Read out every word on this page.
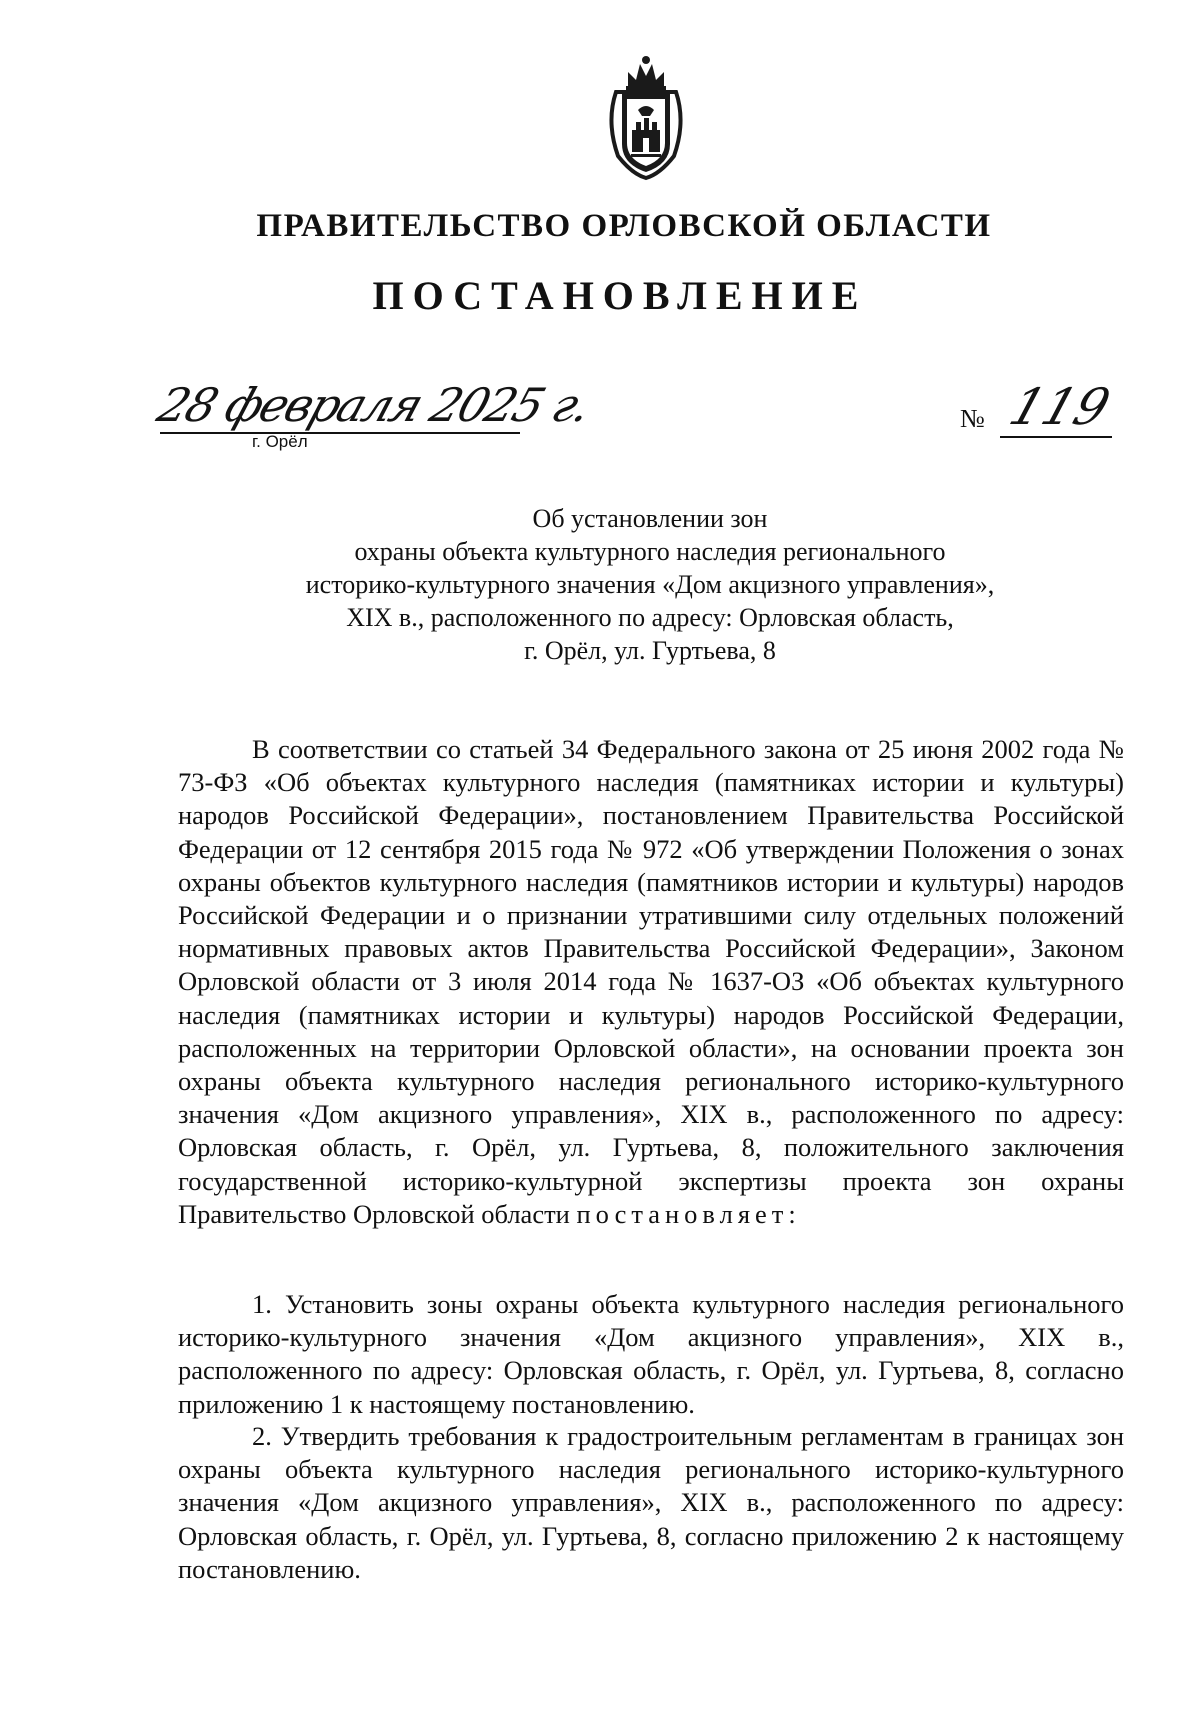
ПРАВИТЕЛЬСТВО ОРЛОВСКОЙ ОБЛАСТИ
ПОСТАНОВЛЕНИЕ
28 февраля 2025 г.
г. Орёл
№ 119
Об установлении зон
охраны объекта культурного наследия регионального
историко-культурного значения «Дом акцизного управления»,
XIX в., расположенного по адресу: Орловская область,
г. Орёл, ул. Гуртьева, 8
В соответствии со статьей 34 Федерального закона от 25 июня 2002 года № 73-ФЗ «Об объектах культурного наследия (памятниках истории и культуры) народов Российской Федерации», постановлением Правительства Российской Федерации от 12 сентября 2015 года № 972 «Об утверждении Положения о зонах охраны объектов культурного наследия (памятников истории и культуры) народов Российской Федерации и о признании утратившими силу отдельных положений нормативных правовых актов Правительства Российской Федерации», Законом Орловской области от 3 июля 2014 года № 1637-ОЗ «Об объектах культурного наследия (памятниках истории и культуры) народов Российской Федерации, расположенных на территории Орловской области», на основании проекта зон охраны объекта культурного наследия регионального историко-культурного значения «Дом акцизного управления», XIX в., расположенного по адресу: Орловская область, г. Орёл, ул. Гуртьева, 8, положительного заключения государственной историко-культурной экспертизы проекта зон охраны Правительство Орловской области постановляет:
1. Установить зоны охраны объекта культурного наследия регионального историко-культурного значения «Дом акцизного управления», XIX в., расположенного по адресу: Орловская область, г. Орёл, ул. Гуртьева, 8, согласно приложению 1 к настоящему постановлению.
2. Утвердить требования к градостроительным регламентам в границах зон охраны объекта культурного наследия регионального историко-культурного значения «Дом акцизного управления», XIX в., расположенного по адресу: Орловская область, г. Орёл, ул. Гуртьева, 8, согласно приложению 2 к настоящему постановлению.
